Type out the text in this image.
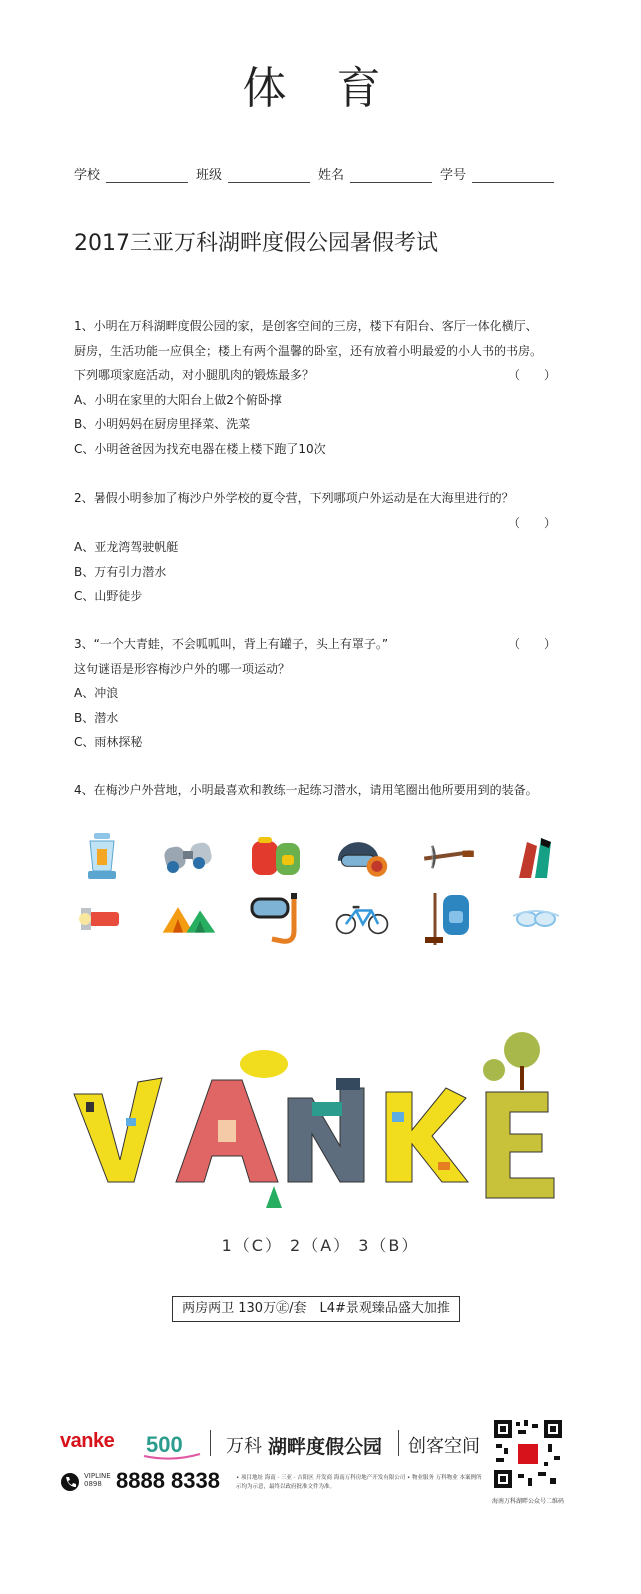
体 育
学校	班级	姓名	学号
2017三亚万科湖畔度假公园暑假考试

1、小明在万科湖畔度假公园的家，是创客空间的三房，楼下有阳台、客厅一体化横厅、

厨房，生活功能一应俱全；楼上有两个温馨的卧室，还有放着小明最爱的小人书的书房。

下列哪项家庭活动，对小腿肌肉的锻炼最多？	（　　）

A、小明在家里的大阳台上做2个俯卧撑

B、小明妈妈在厨房里择菜、洗菜

C、小明爸爸因为找充电器在楼上楼下跑了10次

2、暑假小明参加了梅沙户外学校的夏令营，下列哪项户外运动是在大海里进行的？

（　　）

A、亚龙湾驾驶帆艇

B、万有引力潜水

C、山野徒步

3、“一个大青蛙，不会呱呱叫，背上有罐子，头上有罩子。”	（　　）

这句谜语是形容梅沙户外的哪一项运动？

A、冲浪

B、潜水

C、雨林探秘

4、在梅沙户外营地，小明最喜欢和教练一起练习潜水，请用笔圈出他所要用到的装备。

1（C） 2（A） 3（B）
两房两卫 130万㊣/套　L4#景观臻品盛大加推
vanke 500 万科 湖畔度假公园 创客空间
VIPLINE
0898 8888 8338	• 项目地址 海南 · 三亚 · 吉阳区 开发商 海南万科房地产开发有限公司 • 物业服务 万科物业 本案例所示均为示意，最终以政府批准文件为准。
海南万科湖畔公众号二维码
